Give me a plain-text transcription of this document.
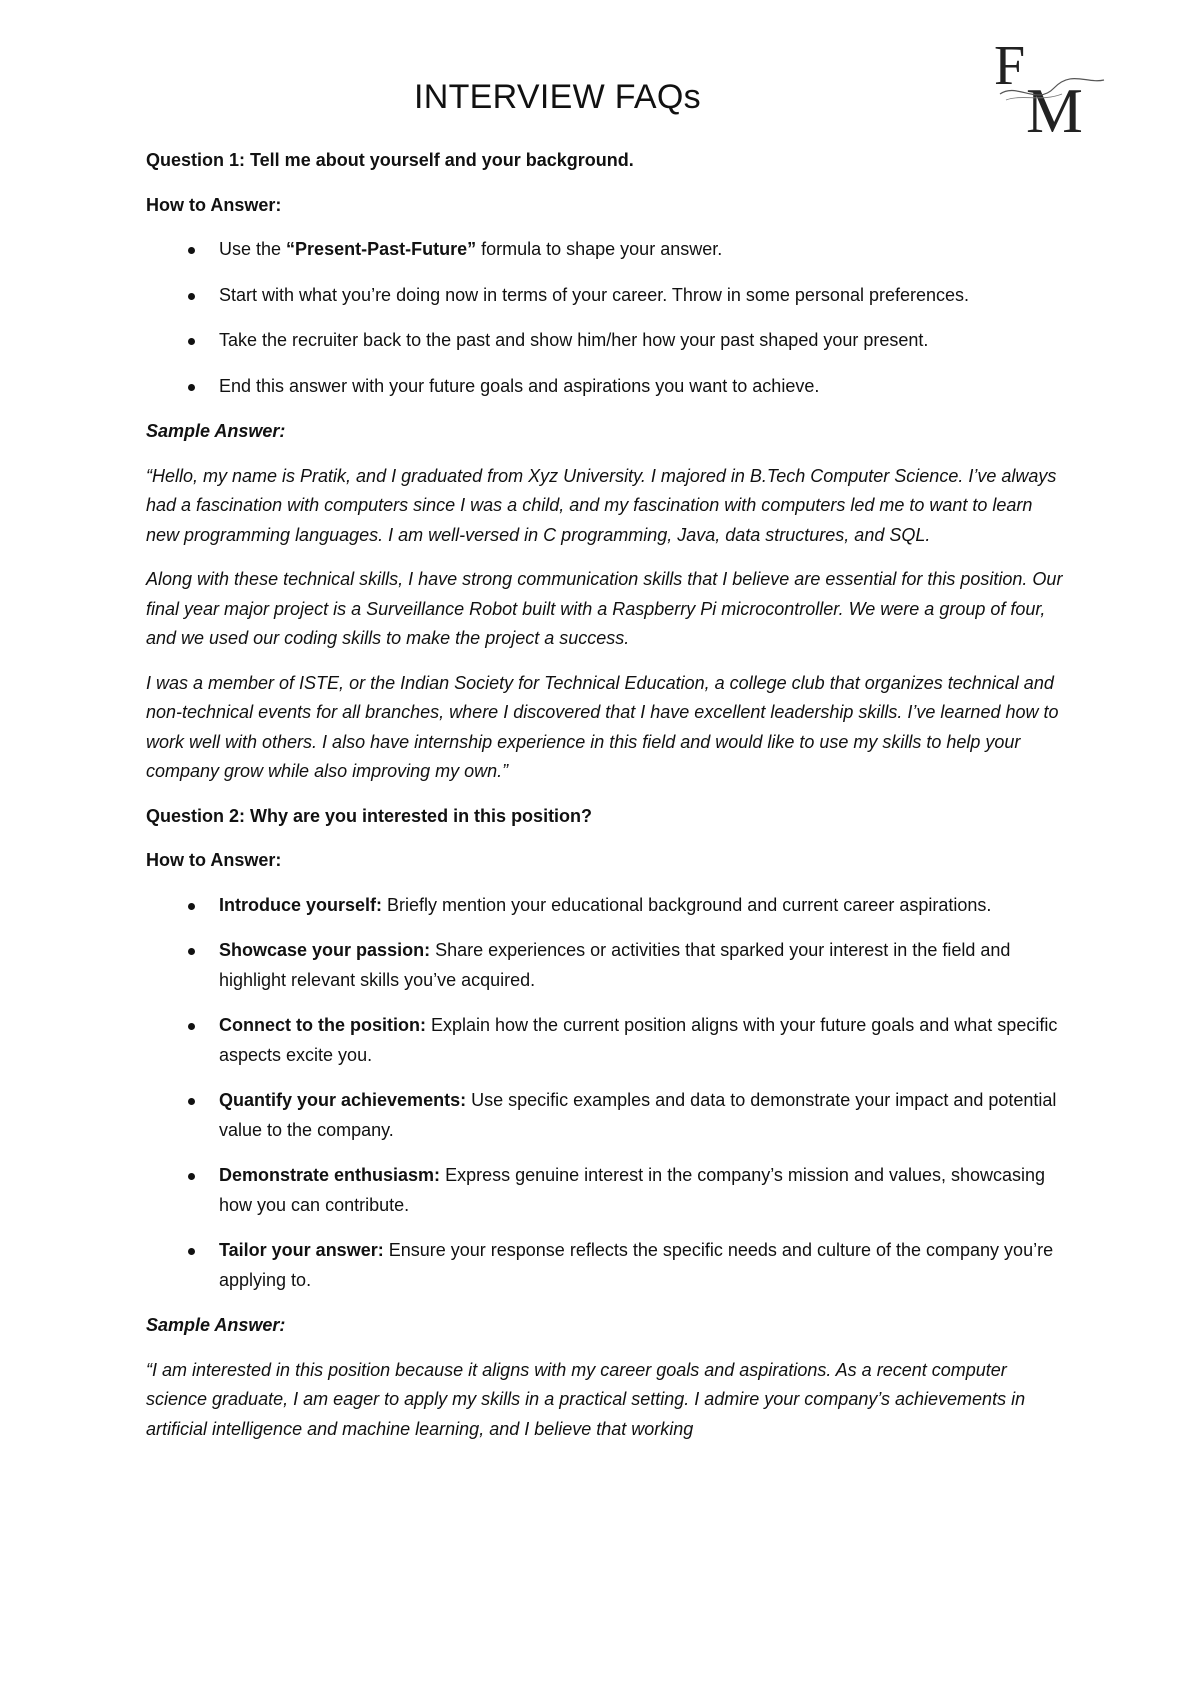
F
M
INTERVIEW FAQs

Question 1: Tell me about yourself and your background.

How to Answer:

Use the “Present-Past-Future” formula to shape your answer.
Start with what you’re doing now in terms of your career. Throw in some personal preferences.
Take the recruiter back to the past and show him/her how your past shaped your present.
End this answer with your future goals and aspirations you want to achieve.

Sample Answer:

“Hello, my name is Pratik, and I graduated from Xyz University. I majored in B.Tech Computer Science. I’ve always had a fascination with computers since I was a child, and my fascination with computers led me to want to learn new programming languages. I am well-versed in C programming, Java, data structures, and SQL.

Along with these technical skills, I have strong communication skills that I believe are essential for this position. Our final year major project is a Surveillance Robot built with a Raspberry Pi microcontroller. We were a group of four, and we used our coding skills to make the project a success.

I was a member of ISTE, or the Indian Society for Technical Education, a college club that organizes technical and non-technical events for all branches, where I discovered that I have excellent leadership skills. I’ve learned how to work well with others. I also have internship experience in this field and would like to use my skills to help your company grow while also improving my own.”

Question 2: Why are you interested in this position?

How to Answer:

Introduce yourself: Briefly mention your educational background and current career aspirations.
Showcase your passion: Share experiences or activities that sparked your interest in the field and highlight relevant skills you’ve acquired.
Connect to the position: Explain how the current position aligns with your future goals and what specific aspects excite you.
Quantify your achievements: Use specific examples and data to demonstrate your impact and potential value to the company.
Demonstrate enthusiasm: Express genuine interest in the company’s mission and values, showcasing how you can contribute.
Tailor your answer: Ensure your response reflects the specific needs and culture of the company you’re applying to.

Sample Answer:

“I am interested in this position because it aligns with my career goals and aspirations. As a recent computer science graduate, I am eager to apply my skills in a practical setting. I admire your company’s achievements in artificial intelligence and machine learning, and I believe that working
